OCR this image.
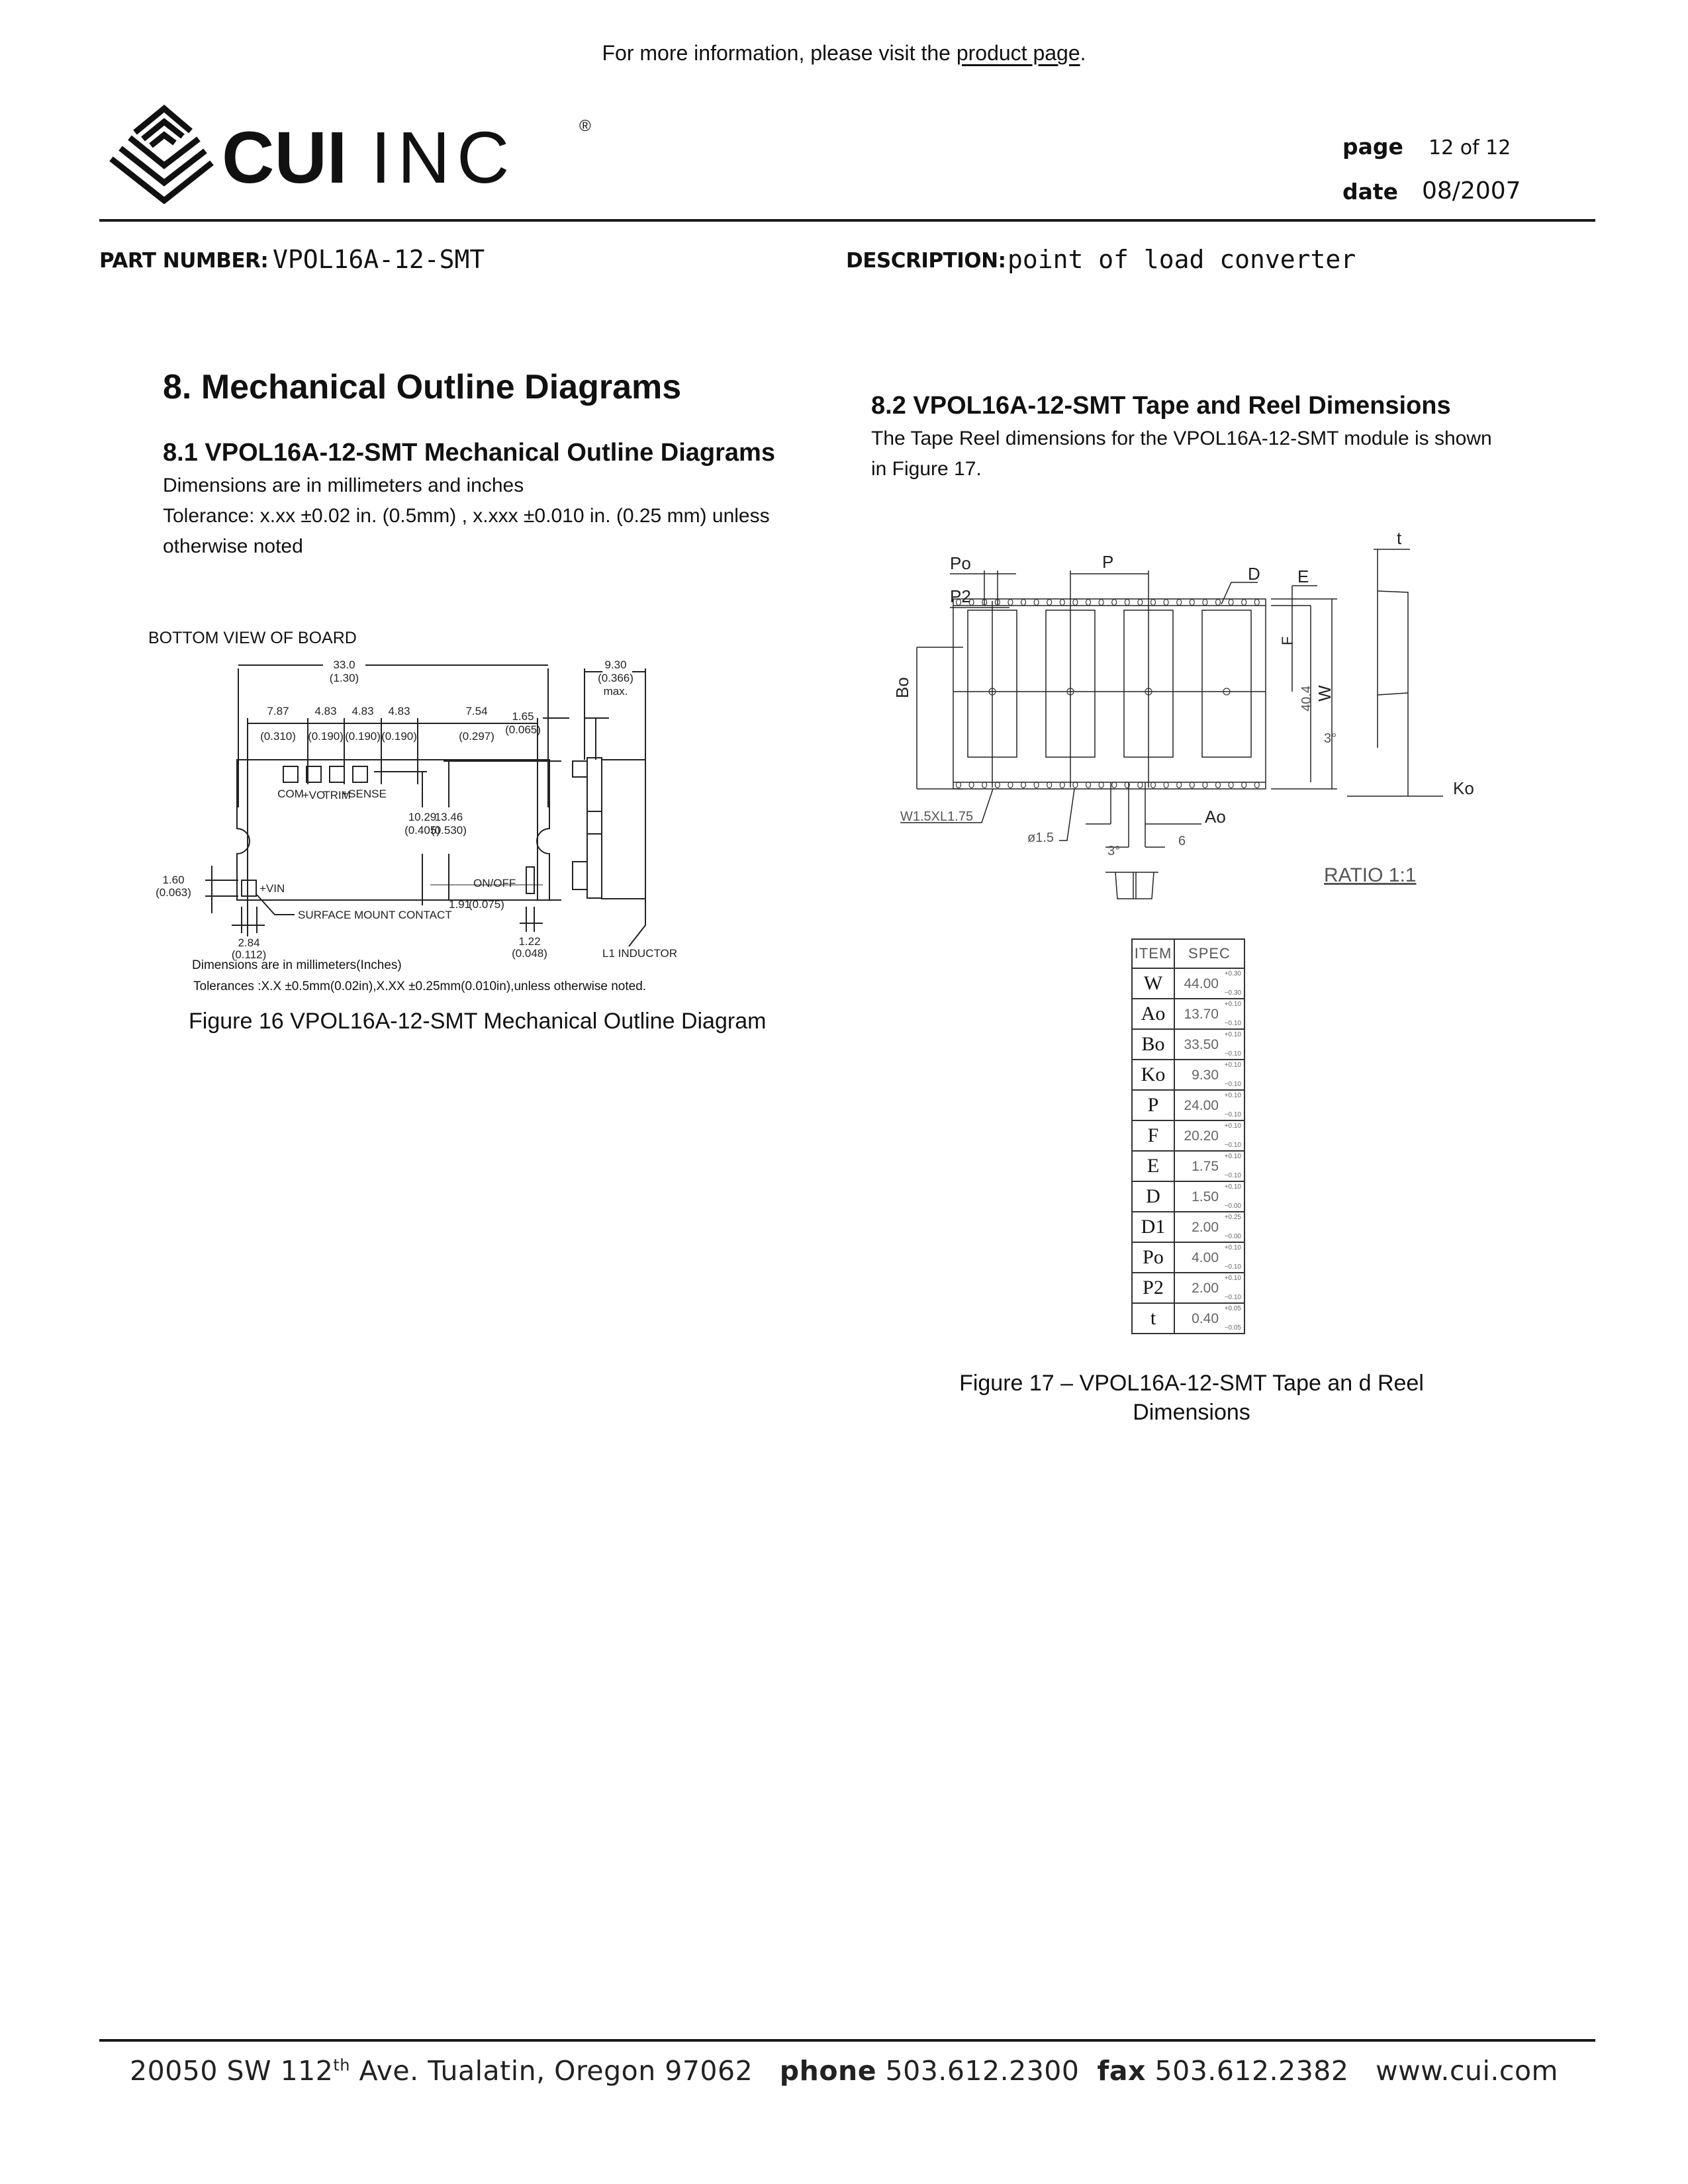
For more information, please visit the product page.
CUI INC	®
page 12 of 12
date 08/2007
PART NUMBER: VPOL16A-12-SMT	DESCRIPTION: point of load converter
8. Mechanical Outline Diagrams
8.1 VPOL16A-12-SMT Mechanical Outline Diagrams
Dimensions are in millimeters and inches
Tolerance: x.xx ±0.02 in. (0.5mm) , x.xxx ±0.010 in. (0.25 mm) unless
otherwise noted
BOTTOM VIEW OF BOARD
33.0
(1.30)
7.87
(0.310)
4.83
(0.190)
4.83
(0.190)
4.83
(0.190)
7.54
(0.297)
COM
+VO
TRIM
+SENSE
10.29
(0.405)
13.46
(0.530)
1.60
(0.063)
2.84
(0.112)
1.22
(0.048)
9.30
(0.366)
max.
1.65
(0.065)
+VIN	ON/OFF
SURFACE MOUNT CONTACT
1.91
(0.075)
L1 INDUCTOR
Dimensions are in millimeters(Inches)
Tolerances :X.X ±0.5mm(0.02in),X.XX ±0.25mm(0.010in),unless otherwise noted.
Figure 16 VPOL16A-12-SMT Mechanical Outline Diagram
8.2 VPOL16A-12-SMT Tape and Reel Dimensions
The Tape Reel dimensions for the VPOL16A-12-SMT module is shown
in Figure 17.
Po
P2
P
D E
t
Ao
Ko
Bo
F
W
40.4
W1.5XL1.75
ø1.5	6
3°
3°
RATIO 1:1
ITEM	SPEC
W	44.00
+0.30
−0.30

Ao	13.70
+0.10
−0.10

Bo	33.50
+0.10
−0.10

Ko	9.30
+0.10
−0.10

P	24.00
+0.10
−0.10

F	20.20
+0.10
−0.10

E	1.75
+0.10
−0.10

D	1.50
+0.10
−0.00

D1	2.00
+0.25
−0.00

Po	4.00
+0.10
−0.10

P2	2.00
+0.10
−0.10

t	0.40
+0.05
−0.05
Figure 17 – VPOL16A-12-SMT Tape an d Reel
Dimensions
20050 SW 112th Ave. Tualatin, Oregon 97062 phone 503.612.2300 fax 503.612.2382 www.cui.com
